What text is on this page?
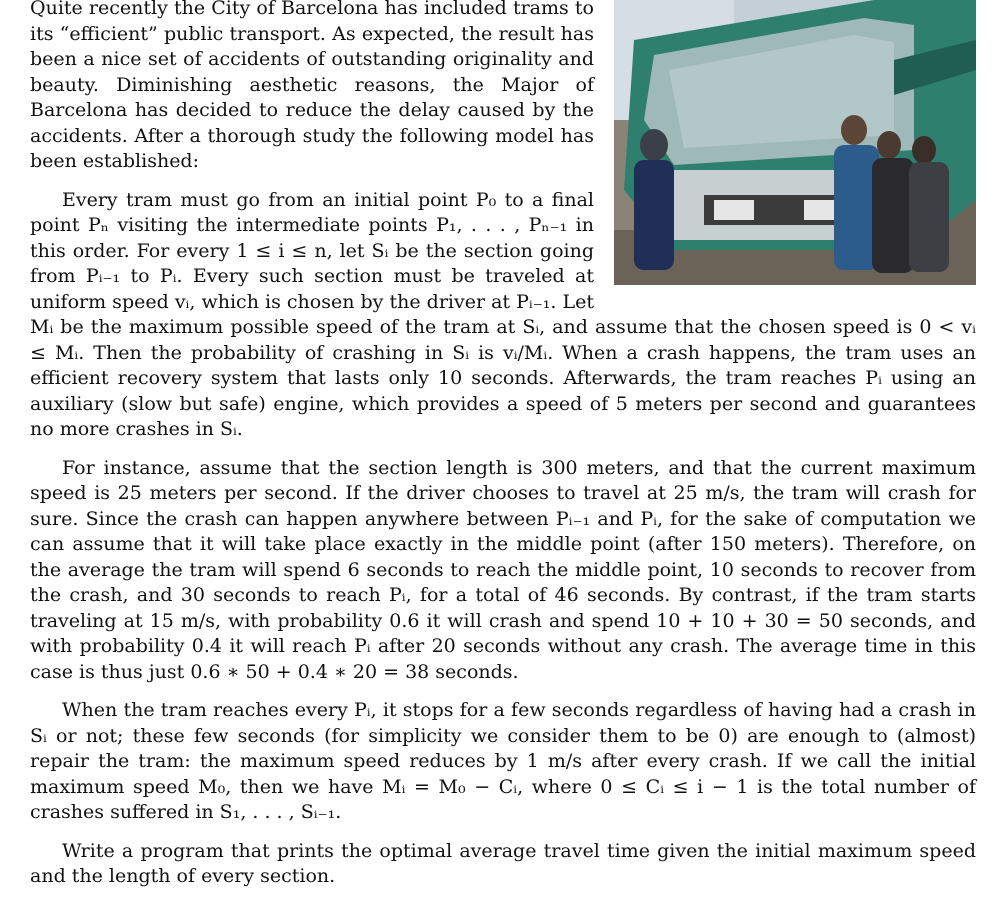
Quite recently the City of Barcelona has included trams to its “efficient” public transport. As expected, the result has been a nice set of accidents of outstanding originality and beauty. Diminishing aesthetic reasons, the Major of Barcelona has decided to reduce the delay caused by the accidents. After a thorough study the following model has been established:

Every tram must go from an initial point P₀ to a final point Pₙ visiting the intermediate points P₁, . . . , Pₙ₋₁ in this order. For every 1 ≤ i ≤ n, let Sᵢ be the section going from Pᵢ₋₁ to Pᵢ. Every such section must be traveled at uniform speed vᵢ, which is chosen by the driver at Pᵢ₋₁. Let Mᵢ be the maximum possible speed of the tram at Sᵢ, and assume that the chosen speed is 0 < vᵢ ≤ Mᵢ. Then the probability of crashing in Sᵢ is vᵢ/Mᵢ. When a crash happens, the tram uses an efficient recovery system that lasts only 10 seconds. Afterwards, the tram reaches Pᵢ using an auxiliary (slow but safe) engine, which provides a speed of 5 meters per second and guarantees no more crashes in Sᵢ.

For instance, assume that the section length is 300 meters, and that the current maximum speed is 25 meters per second. If the driver chooses to travel at 25 m/s, the tram will crash for sure. Since the crash can happen anywhere between Pᵢ₋₁ and Pᵢ, for the sake of computation we can assume that it will take place exactly in the middle point (after 150 meters). Therefore, on the average the tram will spend 6 seconds to reach the middle point, 10 seconds to recover from the crash, and 30 seconds to reach Pᵢ, for a total of 46 seconds. By contrast, if the tram starts traveling at 15 m/s, with probability 0.6 it will crash and spend 10 + 10 + 30 = 50 seconds, and with probability 0.4 it will reach Pᵢ after 20 seconds without any crash. The average time in this case is thus just 0.6 ∗ 50 + 0.4 ∗ 20 = 38 seconds.

When the tram reaches every Pᵢ, it stops for a few seconds regardless of having had a crash in Sᵢ or not; these few seconds (for simplicity we consider them to be 0) are enough to (almost) repair the tram: the maximum speed reduces by 1 m/s after every crash. If we call the initial maximum speed M₀, then we have Mᵢ = M₀ − Cᵢ, where 0 ≤ Cᵢ ≤ i − 1 is the total number of crashes suffered in S₁, . . . , Sᵢ₋₁.

Write a program that prints the optimal average travel time given the initial maximum speed and the length of every section.
